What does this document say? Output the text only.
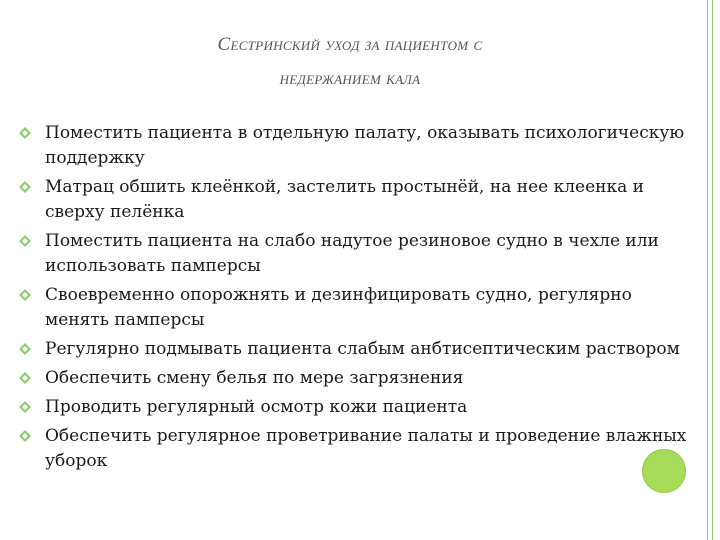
Сестринский уход за пациентом с
недержанием кала
Поместить пациента в отдельную палату, оказывать психологическую поддержку
Матрац обшить клеёнкой, застелить простынёй, на нее клеенка и сверху пелёнка
Поместить пациента на слабо надутое резиновое судно в чехле или использовать памперсы
Своевременно опорожнять и дезинфицировать судно, регулярно менять памперсы
Регулярно подмывать пациента слабым анбтисептическим раствором
Обеспечить смену белья по мере загрязнения
Проводить регулярный осмотр кожи пациента
Обеспечить регулярное проветривание палаты и проведение влажных уборок
